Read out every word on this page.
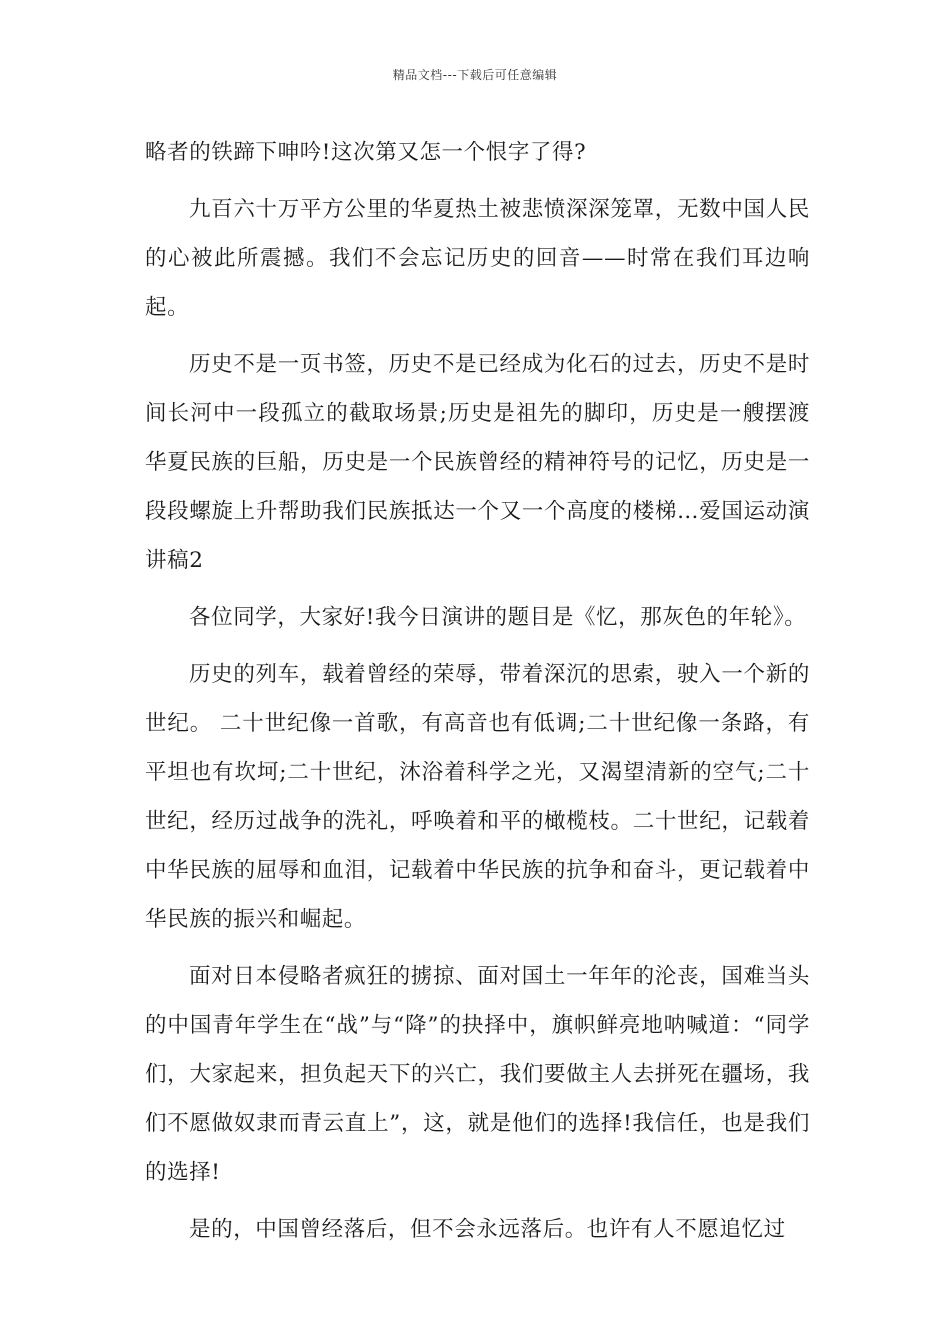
精品文档---下载后可任意编辑

略者的铁蹄下呻吟!这次第又怎一个恨字了得?

九百六十万平方公里的华夏热土被悲愤深深笼罩，无数中国人民的心被此所震撼。我们不会忘记历史的回音——时常在我们耳边响起。

历史不是一页书签，历史不是已经成为化石的过去，历史不是时间长河中一段孤立的截取场景;历史是祖先的脚印，历史是一艘摆渡华夏民族的巨船，历史是一个民族曾经的精神符号的记忆，历史是一段段螺旋上升帮助我们民族抵达一个又一个高度的楼梯…爱国运动演讲稿2

各位同学，大家好!我今日演讲的题目是《忆，那灰色的年轮》。

历史的列车，载着曾经的荣辱，带着深沉的思索，驶入一个新的世纪。 二十世纪像一首歌，有高音也有低调;二十世纪像一条路，有平坦也有坎坷;二十世纪，沐浴着科学之光，又渴望清新的空气;二十世纪，经历过战争的洗礼，呼唤着和平的橄榄枝。二十世纪，记载着中华民族的屈辱和血泪，记载着中华民族的抗争和奋斗，更记载着中华民族的振兴和崛起。

面对日本侵略者疯狂的掳掠、面对国土一年年的沦丧，国难当头的中国青年学生在“战”与“降”的抉择中，旗帜鲜亮地呐喊道：“同学们，大家起来，担负起天下的兴亡，我们要做主人去拼死在疆场，我们不愿做奴隶而青云直上”，这，就是他们的选择!我信任，也是我们的选择!

是的，中国曾经落后，但不会永远落后。也许有人不愿追忆过
